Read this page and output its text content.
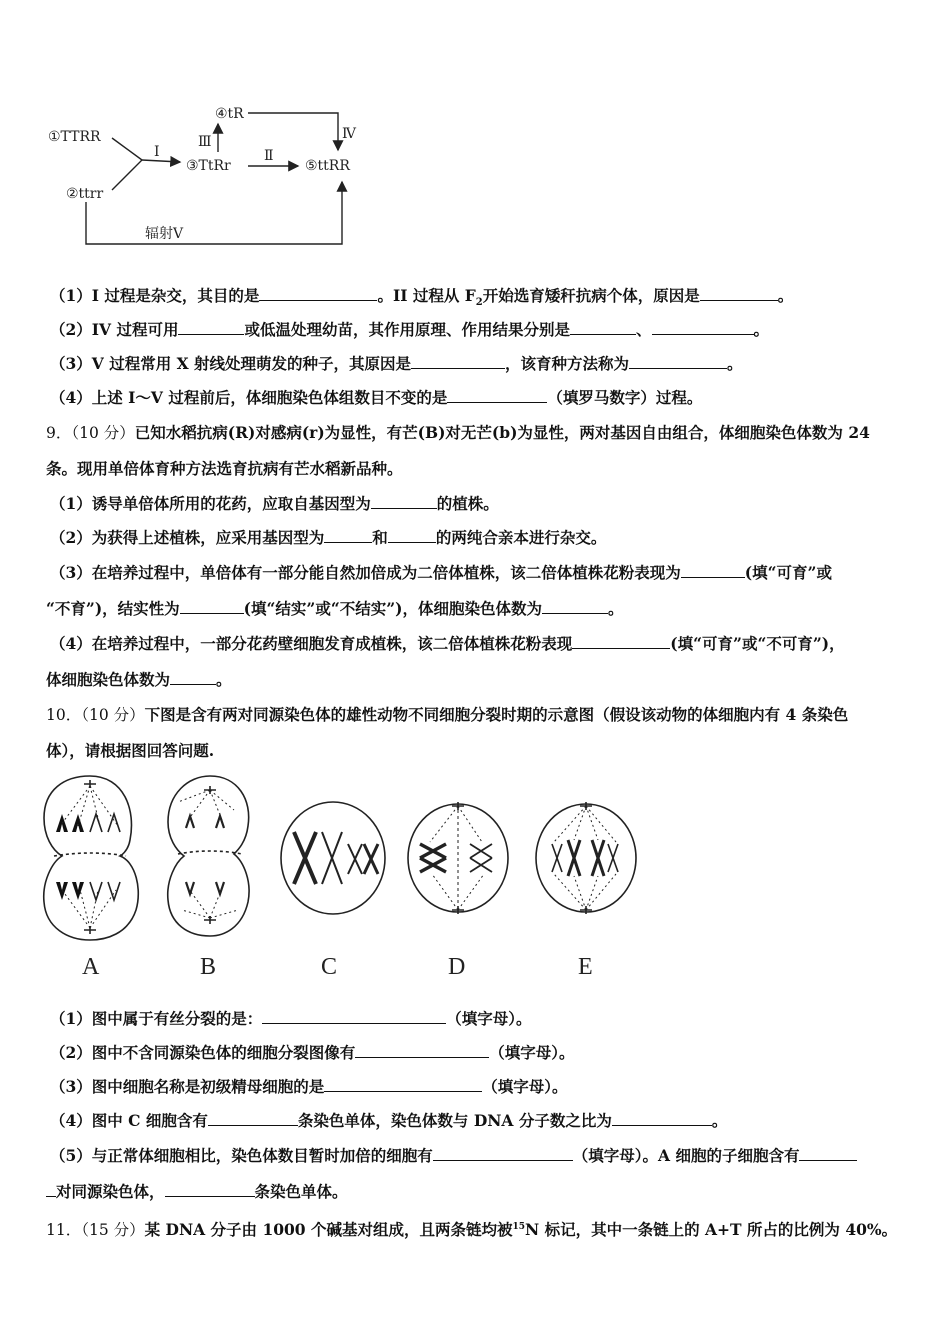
①TTRR
②ttrr
③TtRr
④tR
⑤ttRR
I	Ⅱ
Ⅲ	Ⅳ
辐射Ⅴ
（1）I 过程是杂交，其目的是	。II 过程从 $F_2$开始选育矮秆抗病个体，原因是	。
（2）IV 过程可用	或低温处理幼苗，其作用原理、作用结果分别是	、	。
（3）V 过程常用 X 射线处理萌发的种子，其原因是	，该育种方法称为	。
（4）上述 I～V 过程前后，体细胞染色体组数目不变的是	（填罗马数字）过程。
9．（10 分）已知水稻抗病(R)对感病(r)为显性，有芒(B)对无芒(b)为显性，两对基因自由组合，体细胞染色体数为 24
条。现用单倍体育种方法选育抗病有芒水稻新品种。
（1）诱导单倍体所用的花药，应取自基因型为	的植株。
（2）为获得上述植株，应采用基因型为	和	的两纯合亲本进行杂交。
（3）在培养过程中，单倍体有一部分能自然加倍成为二倍体植株，该二倍体植株花粉表现为	(填“可育”或
“不育”)，结实性为	(填“结实”或“不结实”)，体细胞染色体数为	。
（4）在培养过程中，一部分花药壁细胞发育成植株，该二倍体植株花粉表现	(填“可育”或“不可育”)，
体细胞染色体数为	。
10．（10 分）下图是含有两对同源染色体的雄性动物不同细胞分裂时期的示意图（假设该动物的体细胞内有 4 条染色
体），请根据图回答问题.
A	B	C	D	E
（1）图中属于有丝分裂的是：	（填字母）。
（2）图中不含同源染色体的细胞分裂图像有	（填字母）。
（3）图中细胞名称是初级精母细胞的是	（填字母）。
（4）图中 C 细胞含有	条染色单体，染色体数与 DNA 分子数之比为	。
（5）与正常体细胞相比，染色体数目暂时加倍的细胞有	（填字母）。A 细胞的子细胞含有
对同源染色体，	条染色单体。
11．（15 分）某 DNA 分子由 1000 个碱基对组成，且两条链均被$^{15}$N 标记，其中一条链上的 A+T 所占的比例为 40%。
